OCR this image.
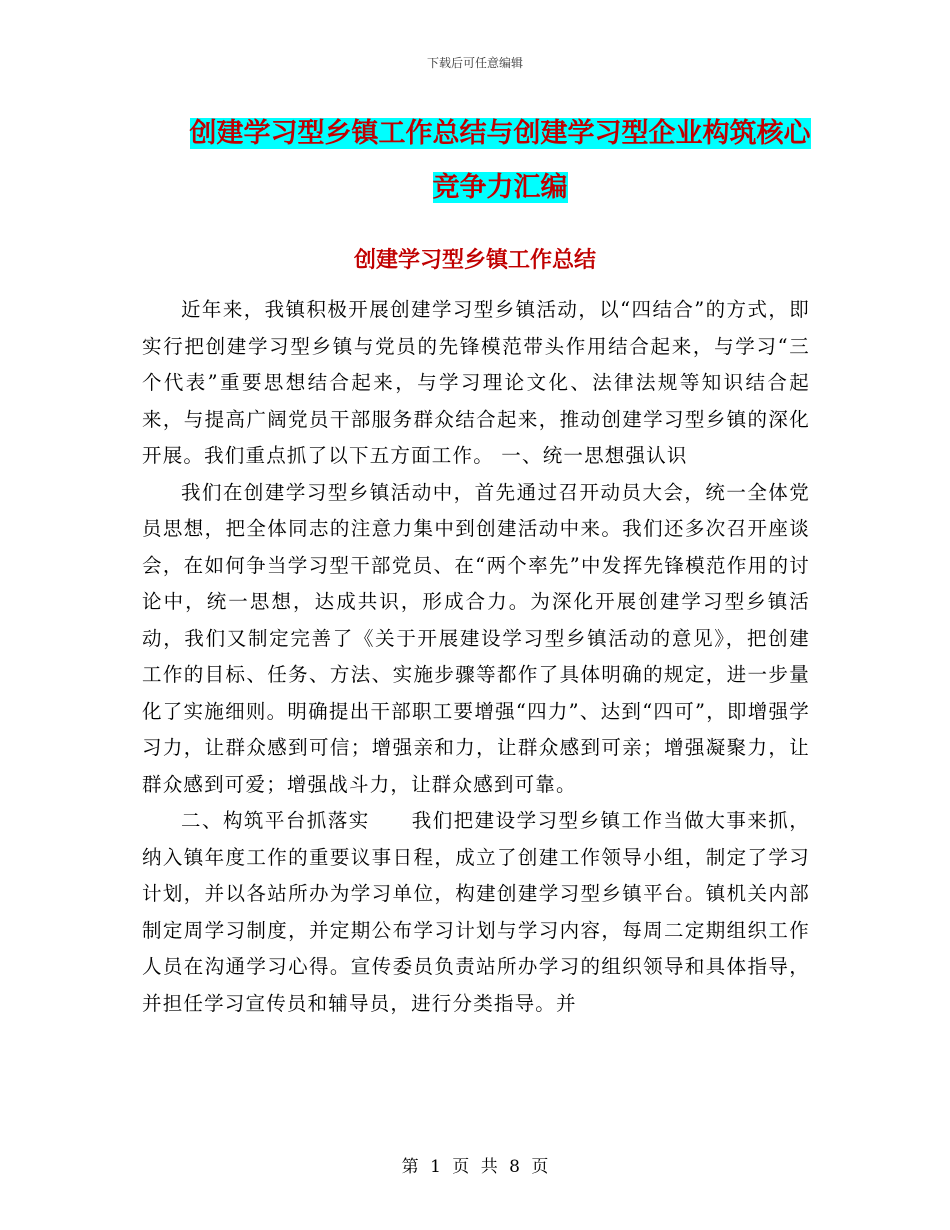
下载后可任意编辑
创建学习型乡镇工作总结与创建学习型企业构筑核心
竞争力汇编
创建学习型乡镇工作总结

近年来，我镇积极开展创建学习型乡镇活动，以“四结合”的方式，即实行把创建学习型乡镇与党员的先锋模范带头作用结合起来，与学习“三个代表”重要思想结合起来，与学习理论文化、法律法规等知识结合起来，与提高广阔党员干部服务群众结合起来，推动创建学习型乡镇的深化开展。我们重点抓了以下五方面工作。 一、统一思想强认识

我们在创建学习型乡镇活动中，首先通过召开动员大会，统一全体党员思想，把全体同志的注意力集中到创建活动中来。我们还多次召开座谈会，在如何争当学习型干部党员、在“两个率先”中发挥先锋模范作用的讨论中，统一思想，达成共识，形成合力。为深化开展创建学习型乡镇活动，我们又制定完善了《关于开展建设学习型乡镇活动的意见》，把创建工作的目标、任务、方法、实施步骤等都作了具体明确的规定，进一步量化了实施细则。明确提出干部职工要增强“四力”、达到“四可”，即增强学习力，让群众感到可信；增强亲和力，让群众感到可亲；增强凝聚力，让群众感到可爱；增强战斗力，让群众感到可靠。

二、构筑平台抓落实　　我们把建设学习型乡镇工作当做大事来抓，纳入镇年度工作的重要议事日程，成立了创建工作领导小组，制定了学习计划，并以各站所办为学习单位，构建创建学习型乡镇平台。镇机关内部制定周学习制度，并定期公布学习计划与学习内容，每周二定期组织工作人员在沟通学习心得。宣传委员负责站所办学习的组织领导和具体指导，并担任学习宣传员和辅导员，进行分类指导。并

第 1 页 共 8 页
